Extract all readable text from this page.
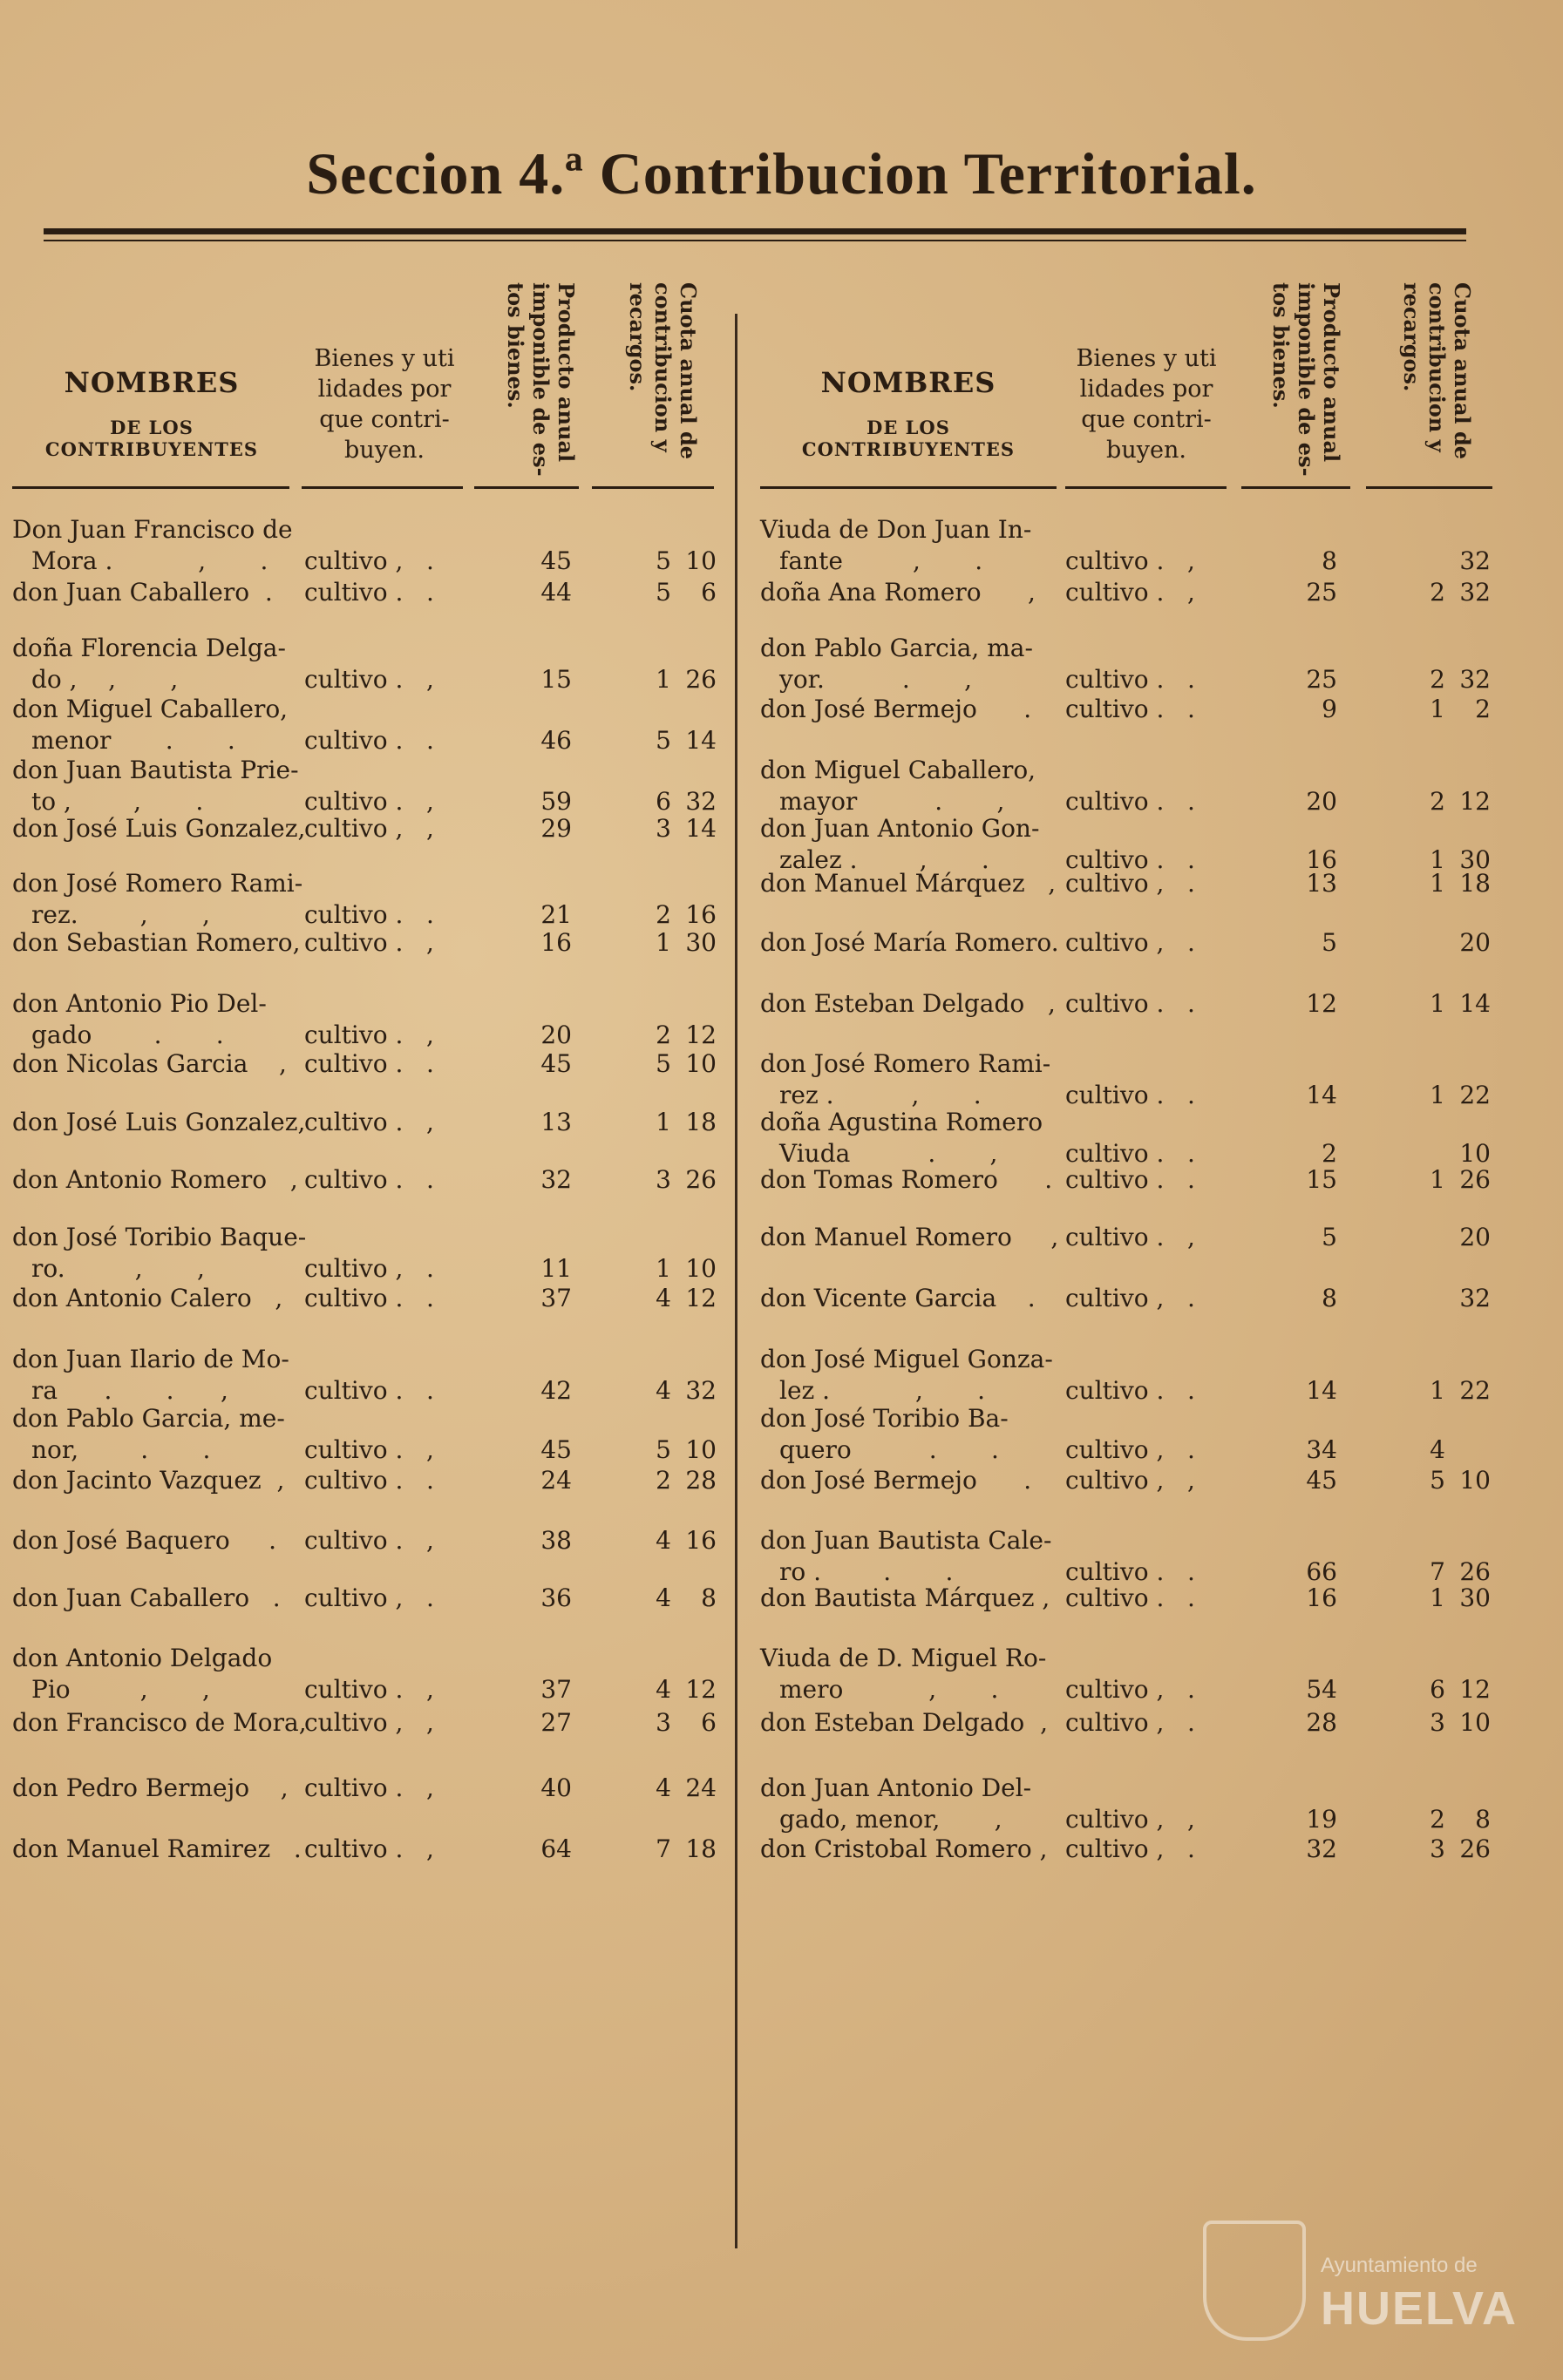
Seccion 4.ª Contribucion Territorial.
NOMBRES
DE LOS CONTRIBUYENTES
Bienes y uti
lidades por
que contri-
buyen.	Producto anual imponible de es-tos bienes.	Cuota anual de contribucion y recargos.
Don Juan Francisco de
Mora .           ,       .	cultivo ,   .	45	5 10
don Juan Caballero  .	cultivo .   .	44	5	6
doña Florencia Delga-
do ,    ,       ,	cultivo .   ,	15	1 26
don Miguel Caballero,
menor       .       .	cultivo .   .	46	5 14
don Juan Bautista Prie-
to ,        ,       .	cultivo .   ,	59	6 32
don José Luis Gonzalez,
cultivo ,   ,	29	3 14
don José Romero Rami-
rez.        ,       ,	cultivo .   .	21	2 16
don Sebastian Romero, cultivo .   ,	16	1 30
don Antonio Pio Del-
gado        .       .	cultivo .   ,	20	2 12
don Nicolas Garcia    , cultivo .   .	45	5 10
don José Luis Gonzalez,
cultivo .   ,	13	1 18
don Antonio Romero   , cultivo .   .	32	3 26
don José Toribio Baque-
ro.         ,       ,	cultivo ,   .	11	1 10
don Antonio Calero   , cultivo .   .	37	4 12
don Juan Ilario de Mo-
ra      .       .      ,	cultivo .   .	42	4 32
don Pablo Garcia, me-
nor,        .       .	cultivo .   ,	45	5 10
don Jacinto Vazquez  , cultivo .   .	24	2 28
don José Baquero     .	cultivo .   ,	38	4 16
don Juan Caballero   . cultivo ,   .	36	4	8
don Antonio Delgado
Pio         ,       ,	cultivo .   ,	37	4 12
don Francisco de Mora,
cultivo ,   ,	27	3	6
don Pedro Bermejo    , cultivo .   ,	40	4 24
don Manuel Ramirez   . cultivo .   ,	64	7 18
NOMBRES
DE LOS CONTRIBUYENTES
Bienes y uti
lidades por
que contri-
buyen.	Producto anual imponible de es-tos bienes.	Cuota anual de contribucion y recargos.
Viuda de Don Juan In-
fante         ,       .	cultivo .   ,	8	32
doña Ana Romero      ,	cultivo .   ,	25	2 32
don Pablo Garcia, ma-
yor.          .       ,	cultivo .   .	25	2 32
don José Bermejo      .	cultivo .   .	9	1	2
don Miguel Caballero,
mayor          .       ,	cultivo .   .	20	2 12
don Juan Antonio Gon-
zalez .        ,       .	cultivo .   .	16	1 30
don Manuel Márquez   , cultivo ,   .	13	1 18
don José María Romero. cultivo ,   .	5	20
don Esteban Delgado   , cultivo .   .	12	1 14
don José Romero Rami-
rez .          ,       .	cultivo .   .	14	1 22
doña Agustina Romero
Viuda          .       ,	cultivo .   .	2	10
don Tomas Romero      . cultivo .   .	15	1 26
don Manuel Romero     , cultivo .   ,	5	20
don Vicente Garcia    .	cultivo ,   .	8	32
don José Miguel Gonza-
lez .           ,       .	cultivo .   .	14	1 22
don José Toribio Ba-
quero          .       .	cultivo ,   .	34	4
don José Bermejo      .	cultivo ,   ,	45	5 10
don Juan Bautista Cale-
ro .        .       .	cultivo .   .	66	7 26
don Bautista Márquez , cultivo .   .	16	1 30
Viuda de D. Miguel Ro-
mero           ,       .	cultivo ,   .	54	6 12
don Esteban Delgado  , cultivo ,   .	28	3 10
don Juan Antonio Del-
gado, menor,       ,	cultivo ,   ,	19	2	8
don Cristobal Romero , cultivo ,   .	32	3 26
Ayuntamiento de
HUELVA
